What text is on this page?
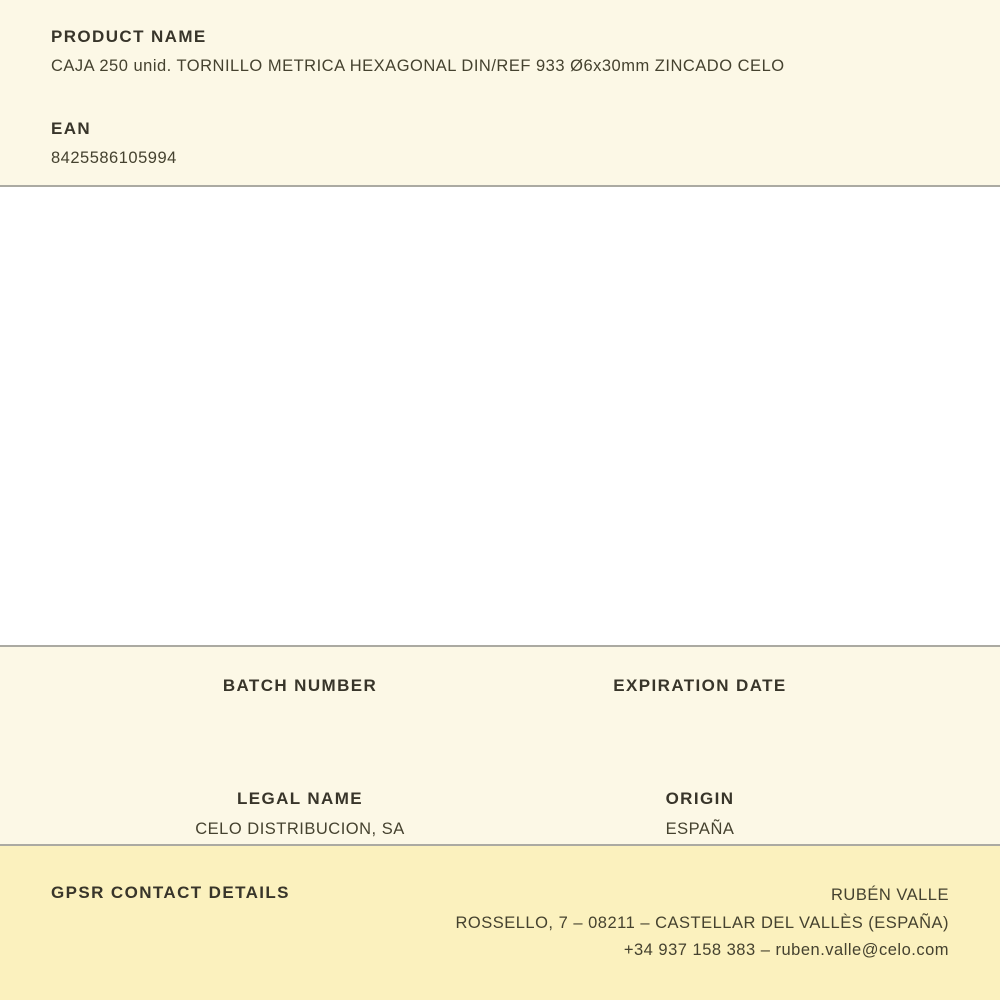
PRODUCT NAME
CAJA 250 unid. TORNILLO METRICA HEXAGONAL DIN/REF 933 Ø6x30mm ZINCADO CELO
EAN
8425586105994
BATCH NUMBER	EXPIRATION DATE
LEGAL NAME
CELO DISTRIBUCION, SA
ORIGIN
ESPAÑA
GPSR CONTACT DETAILS	RUBÉN VALLE
ROSSELLO, 7 – 08211 – CASTELLAR DEL VALLÈS (ESPAÑA)
+34 937 158 383 – ruben.valle@celo.com
